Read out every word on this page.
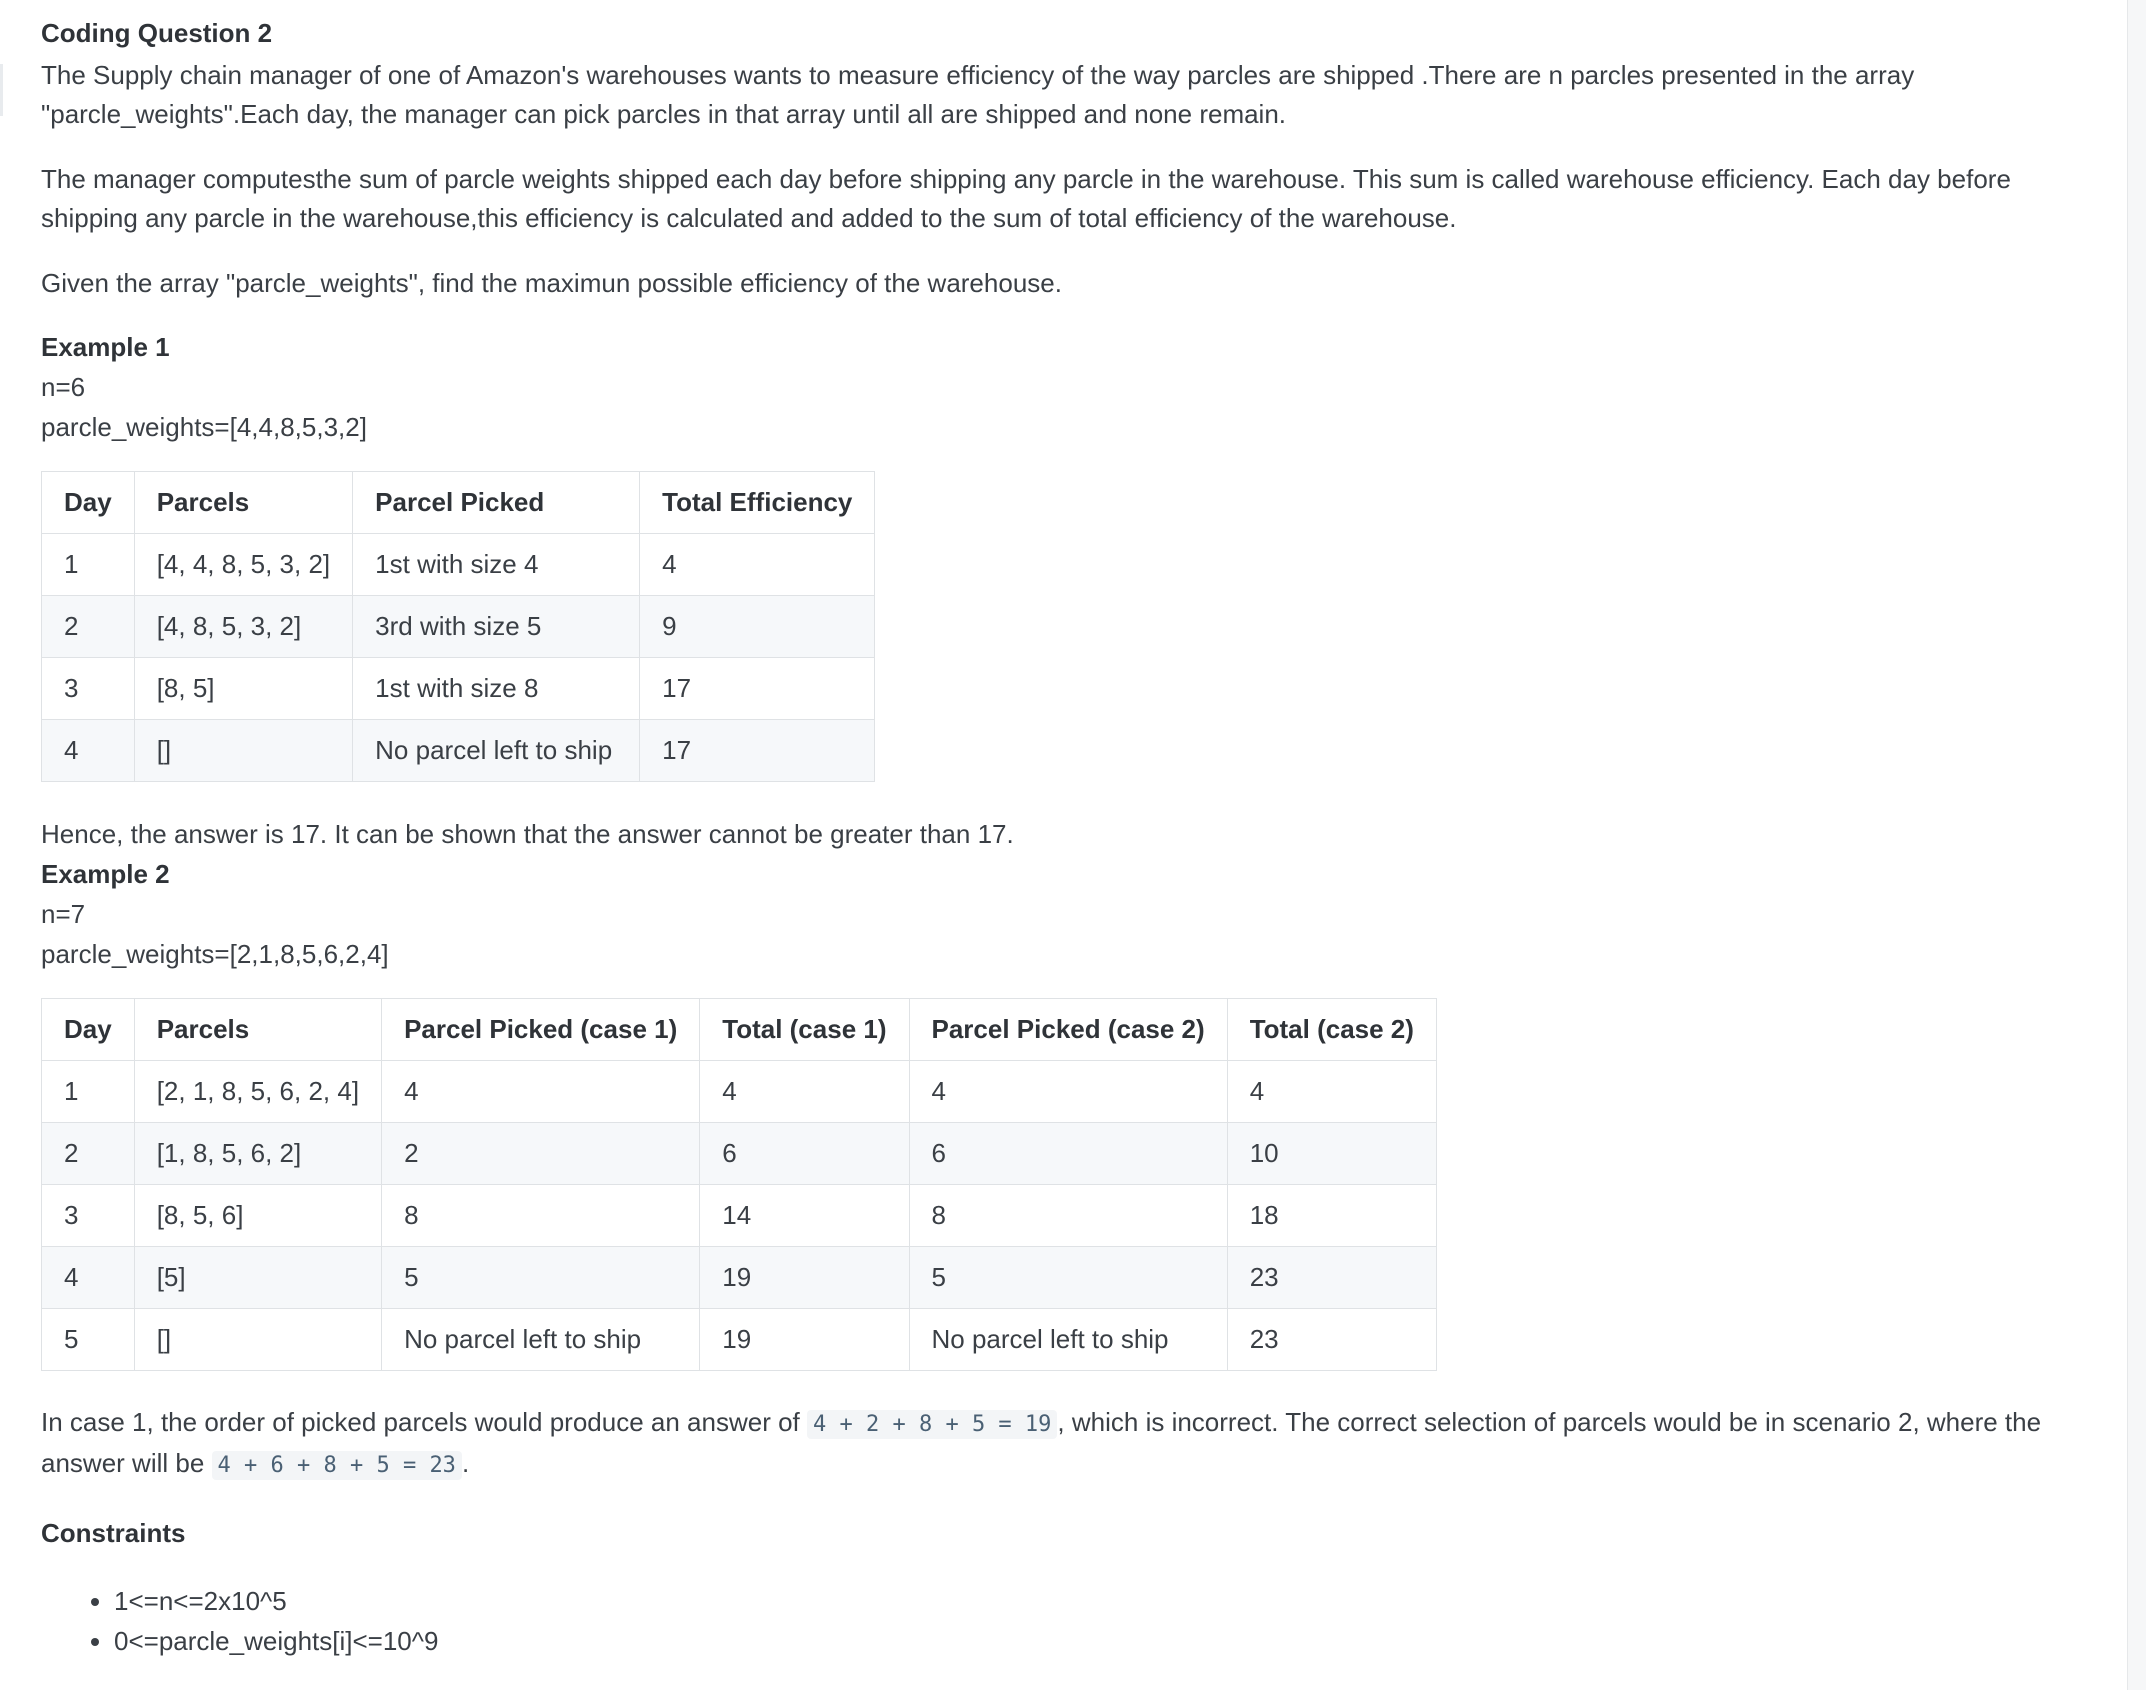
Coding Question 2

The Supply chain manager of one of Amazon's warehouses wants to measure efficiency of the way parcles are shipped .There are n parcles presented in the array "parcle_weights".Each day, the manager can pick parcles in that array until all are shipped and none remain.

The manager computesthe sum of parcle weights shipped each day before shipping any parcle in the warehouse. This sum is called warehouse efficiency. Each day before shipping any parcle in the warehouse,this efficiency is calculated and added to the sum of total efficiency of the warehouse.

Given the array "parcle_weights", find the maximun possible efficiency of the warehouse.

Example 1
n=6
parcle_weights=[4,4,8,5,3,2]
Day	Parcels	Parcel Picked	Total Efficiency
1	[4, 4, 8, 5, 3, 2]	1st with size 4	4
2	[4, 8, 5, 3, 2]	3rd with size 5	9
3	[8, 5]	1st with size 8	17
4	[]	No parcel left to ship	17
Hence, the answer is 17. It can be shown that the answer cannot be greater than 17.
Example 2
n=7
parcle_weights=[2,1,8,5,6,2,4]
Day	Parcels	Parcel Picked (case 1)	Total (case 1)	Parcel Picked (case 2)	Total (case 2)
1	[2, 1, 8, 5, 6, 2, 4]	4	4	4	4
2	[1, 8, 5, 6, 2]	2	6	6	10
3	[8, 5, 6]	8	14	8	18
4	[5]	5	19	5	23
5	[]	No parcel left to ship	19	No parcel left to ship	23

In case 1, the order of picked parcels would produce an answer of 4 + 2 + 8 + 5 = 19 , which is incorrect. The correct selection of parcels would be in scenario 2, where the answer will be 4 + 6 + 8 + 5 = 23 .

Constraints
• 1<=n<=2x10^5
• 0<=parcle_weights[i]<=10^9
